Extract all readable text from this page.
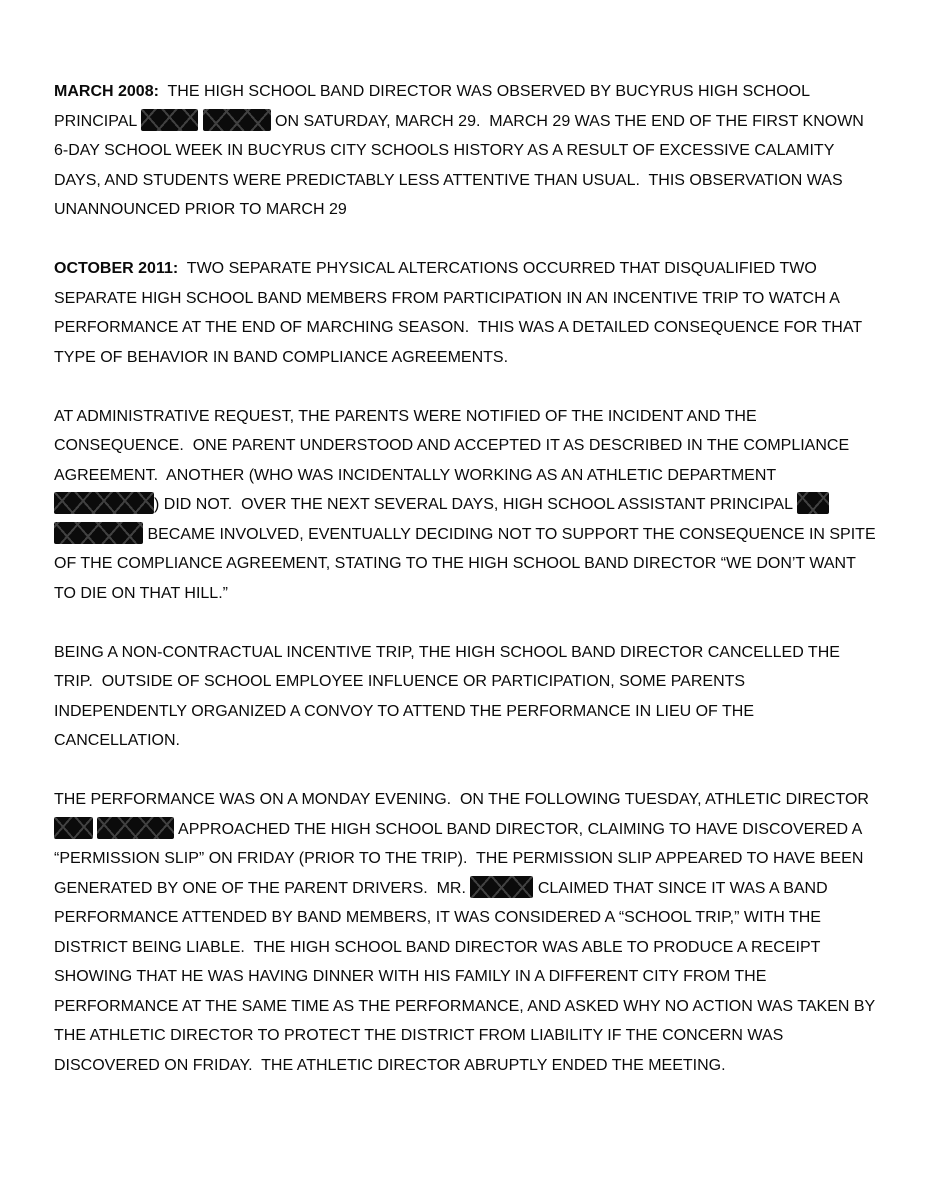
MARCH 2008:  THE HIGH SCHOOL BAND DIRECTOR WAS OBSERVED BY BUCYRUS HIGH SCHOOL PRINCIPAL	ON SATURDAY, MARCH 29.  MARCH 29 WAS THE END OF THE FIRST KNOWN 6-DAY SCHOOL WEEK IN BUCYRUS CITY SCHOOLS HISTORY AS A RESULT OF EXCESSIVE CALAMITY DAYS, AND STUDENTS WERE PREDICTABLY LESS ATTENTIVE THAN USUAL.  THIS OBSERVATION WAS UNANNOUNCED PRIOR TO MARCH 29

OCTOBER 2011:  TWO SEPARATE PHYSICAL ALTERCATIONS OCCURRED THAT DISQUALIFIED TWO SEPARATE HIGH SCHOOL BAND MEMBERS FROM PARTICIPATION IN AN INCENTIVE TRIP TO WATCH A PERFORMANCE AT THE END OF MARCHING SEASON.  THIS WAS A DETAILED CONSEQUENCE FOR THAT TYPE OF BEHAVIOR IN BAND COMPLIANCE AGREEMENTS.

AT ADMINISTRATIVE REQUEST, THE PARENTS WERE NOTIFIED OF THE INCIDENT AND THE CONSEQUENCE.  ONE PARENT UNDERSTOOD AND ACCEPTED IT AS DESCRIBED IN THE COMPLIANCE AGREEMENT.  ANOTHER (WHO WAS INCIDENTALLY WORKING AS AN ATHLETIC DEPARTMENT ) DID NOT.  OVER THE NEXT SEVERAL DAYS, HIGH SCHOOL ASSISTANT PRINCIPAL   BECAME INVOLVED, EVENTUALLY DECIDING NOT TO SUPPORT THE CONSEQUENCE IN SPITE OF THE COMPLIANCE AGREEMENT, STATING TO THE HIGH SCHOOL BAND DIRECTOR “WE DON’T WANT TO DIE ON THAT HILL.”

BEING A NON-CONTRACTUAL INCENTIVE TRIP, THE HIGH SCHOOL BAND DIRECTOR CANCELLED THE TRIP.  OUTSIDE OF SCHOOL EMPLOYEE INFLUENCE OR PARTICIPATION, SOME PARENTS INDEPENDENTLY ORGANIZED A CONVOY TO ATTEND THE PERFORMANCE IN LIEU OF THE CANCELLATION.

THE PERFORMANCE WAS ON A MONDAY EVENING.  ON THE FOLLOWING TUESDAY, ATHLETIC DIRECTOR   APPROACHED THE HIGH SCHOOL BAND DIRECTOR, CLAIMING TO HAVE DISCOVERED A “PERMISSION SLIP” ON FRIDAY (PRIOR TO THE TRIP).  THE PERMISSION SLIP APPEARED TO HAVE BEEN GENERATED BY ONE OF THE PARENT DRIVERS.  MR.	CLAIMED THAT SINCE IT WAS A BAND PERFORMANCE ATTENDED BY BAND MEMBERS, IT WAS CONSIDERED A “SCHOOL TRIP,” WITH THE DISTRICT BEING LIABLE.  THE HIGH SCHOOL BAND DIRECTOR WAS ABLE TO PRODUCE A RECEIPT SHOWING THAT HE WAS HAVING DINNER WITH HIS FAMILY IN A DIFFERENT CITY FROM THE PERFORMANCE AT THE SAME TIME AS THE PERFORMANCE, AND ASKED WHY NO ACTION WAS TAKEN BY THE ATHLETIC DIRECTOR TO PROTECT THE DISTRICT FROM LIABILITY IF THE CONCERN WAS DISCOVERED ON FRIDAY.  THE ATHLETIC DIRECTOR ABRUPTLY ENDED THE MEETING.
